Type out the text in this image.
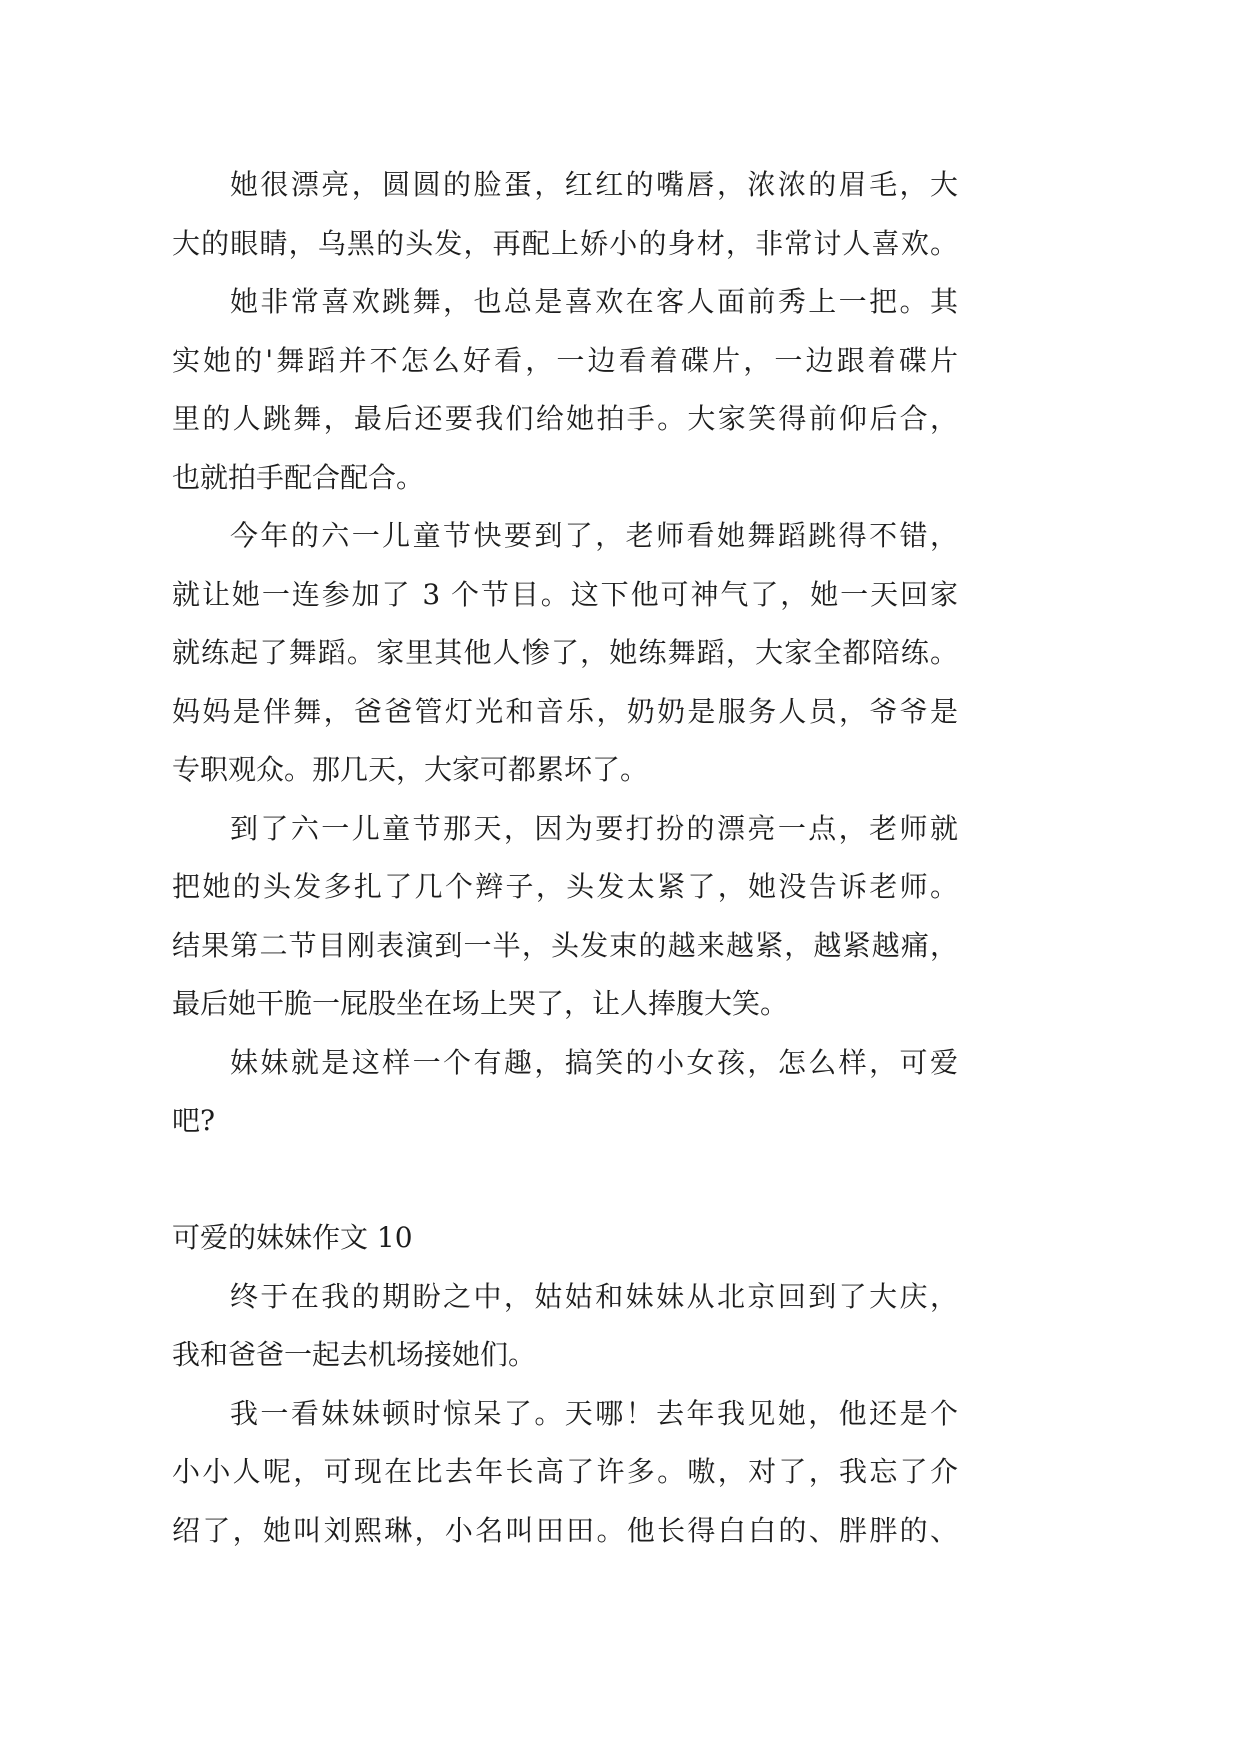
她很漂亮，圆圆的脸蛋，红红的嘴唇，浓浓的眉毛，大
大的眼睛，乌黑的头发，再配上娇小的身材，非常讨人喜欢。
她非常喜欢跳舞，也总是喜欢在客人面前秀上一把。其
实她的'舞蹈并不怎么好看，一边看着碟片，一边跟着碟片
里的人跳舞，最后还要我们给她拍手。大家笑得前仰后合，
也就拍手配合配合。
今年的六一儿童节快要到了，老师看她舞蹈跳得不错，
就让她一连参加了 3 个节目。这下他可神气了，她一天回家
就练起了舞蹈。家里其他人惨了，她练舞蹈，大家全都陪练。
妈妈是伴舞，爸爸管灯光和音乐，奶奶是服务人员，爷爷是
专职观众。那几天，大家可都累坏了。
到了六一儿童节那天，因为要打扮的漂亮一点，老师就
把她的头发多扎了几个辫子，头发太紧了，她没告诉老师。
结果第二节目刚表演到一半，头发束的越来越紧，越紧越痛，
最后她干脆一屁股坐在场上哭了，让人捧腹大笑。
妹妹就是这样一个有趣，搞笑的小女孩，怎么样，可爱
吧?
可爱的妹妹作文 10
终于在我的期盼之中，姑姑和妹妹从北京回到了大庆，
我和爸爸一起去机场接她们。
我一看妹妹顿时惊呆了。天哪！去年我见她，他还是个
小小人呢，可现在比去年长高了许多。嗷，对了，我忘了介
绍了，她叫刘熙琳，小名叫田田。他长得白白的、胖胖的、
